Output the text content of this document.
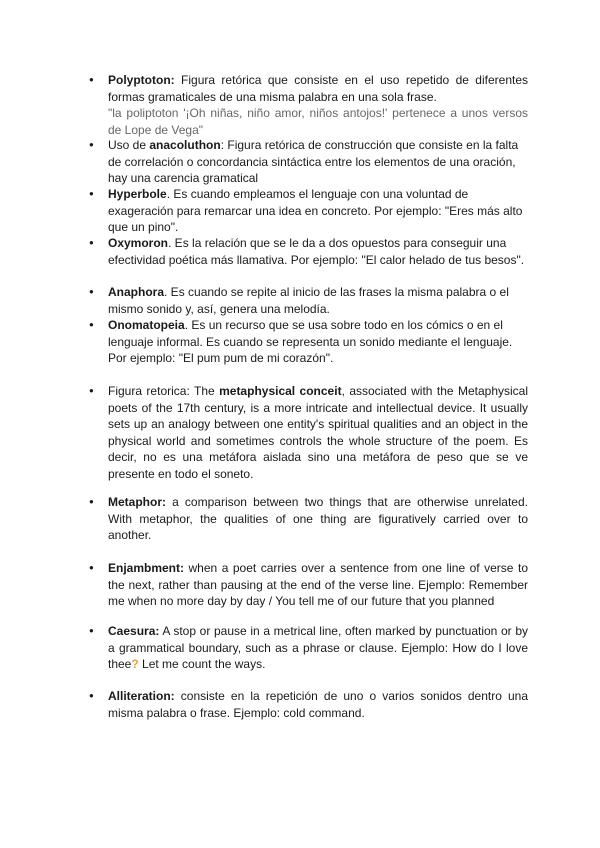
● Polyptoton: Figura retórica que consiste en el uso repetido de diferentes formas gramaticales de una misma palabra en una sola frase.
"la poliptoton '¡Oh niñas, niño amor, niños antojos!' pertenece a unos versos de Lope de Vega"
● Uso de anacoluthon: Figura retórica de construcción que consiste en la falta de correlación o concordancia sintáctica entre los elementos de una oración, hay una carencia gramatical
● Hyperbole. Es cuando empleamos el lenguaje con una voluntad de exageración para remarcar una idea en concreto. Por ejemplo: "Eres más alto que un pino".
● Oxymoron. Es la relación que se le da a dos opuestos para conseguir una efectividad poética más llamativa. Por ejemplo: "El calor helado de tus besos".
● Anaphora. Es cuando se repite al inicio de las frases la misma palabra o el mismo sonido y, así, genera una melodía.
● Onomatopeia. Es un recurso que se usa sobre todo en los cómics o en el lenguaje informal. Es cuando se representa un sonido mediante el lenguaje. Por ejemplo: "El pum pum de mi corazón".
● Figura retorica: The metaphysical conceit, associated with the Metaphysical poets of the 17th century, is a more intricate and intellectual device. It usually sets up an analogy between one entity's spiritual qualities and an object in the physical world and sometimes controls the whole structure of the poem. Es decir, no es una metáfora aislada sino una metáfora de peso que se ve presente en todo el soneto.
● Metaphor: a comparison between two things that are otherwise unrelated. With metaphor, the qualities of one thing are figuratively carried over to another.
● Enjambment: when a poet carries over a sentence from one line of verse to the next, rather than pausing at the end of the verse line. Ejemplo: Remember me when no more day by day / You tell me of our future that you planned
● Caesura: A stop or pause in a metrical line, often marked by punctuation or by a grammatical boundary, such as a phrase or clause. Ejemplo: How do I love thee? Let me count the ways.
● Alliteration: consiste en la repetición de uno o varios sonidos dentro una misma palabra o frase. Ejemplo: cold command.
